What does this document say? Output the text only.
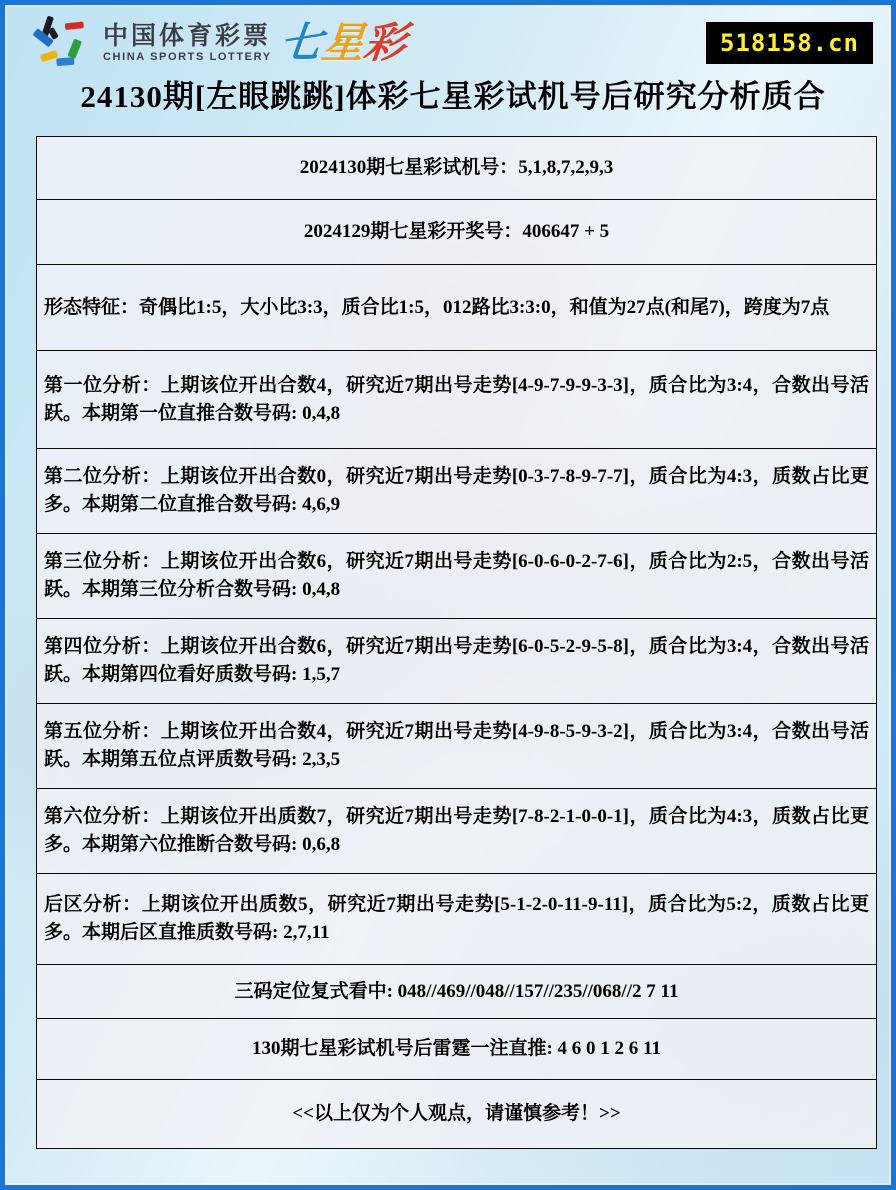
中国体育彩票
CHINA SPORTS LOTTERY 七星彩	518158.cn
24130期[左眼跳跳]体彩七星彩试机号后研究分析质合
2024130期七星彩试机号：5,1,8,7,2,9,3
2024129期七星彩开奖号：406647 + 5
形态特征：奇偶比1:5，大小比3:3，质合比1:5，012路比3:3:0，和值为27点(和尾7)，跨度为7点
第一位分析：上期该位开出合数4，研究近7期出号走势[4-9-7-9-9-3-3]，质合比为3:4，合数出号活跃。本期第一位直推合数号码: 0,4,8
第二位分析：上期该位开出合数0，研究近7期出号走势[0-3-7-8-9-7-7]，质合比为4:3，质数占比更多。本期第二位直推合数号码: 4,6,9
第三位分析：上期该位开出合数6，研究近7期出号走势[6-0-6-0-2-7-6]，质合比为2:5，合数出号活跃。本期第三位分析合数号码: 0,4,8
第四位分析：上期该位开出合数6，研究近7期出号走势[6-0-5-2-9-5-8]，质合比为3:4，合数出号活跃。本期第四位看好质数号码: 1,5,7
第五位分析：上期该位开出合数4，研究近7期出号走势[4-9-8-5-9-3-2]，质合比为3:4，合数出号活跃。本期第五位点评质数号码: 2,3,5
第六位分析：上期该位开出质数7，研究近7期出号走势[7-8-2-1-0-0-1]，质合比为4:3，质数占比更多。本期第六位推断合数号码: 0,6,8
后区分析：上期该位开出质数5，研究近7期出号走势[5-1-2-0-11-9-11]，质合比为5:2，质数占比更多。本期后区直推质数号码: 2,7,11
三码定位复式看中: 048//469//048//157//235//068//2 7 11
130期七星彩试机号后雷霆一注直推: 4 6 0 1 2 6 11
<<以上仅为个人观点，请谨慎参考！>>
